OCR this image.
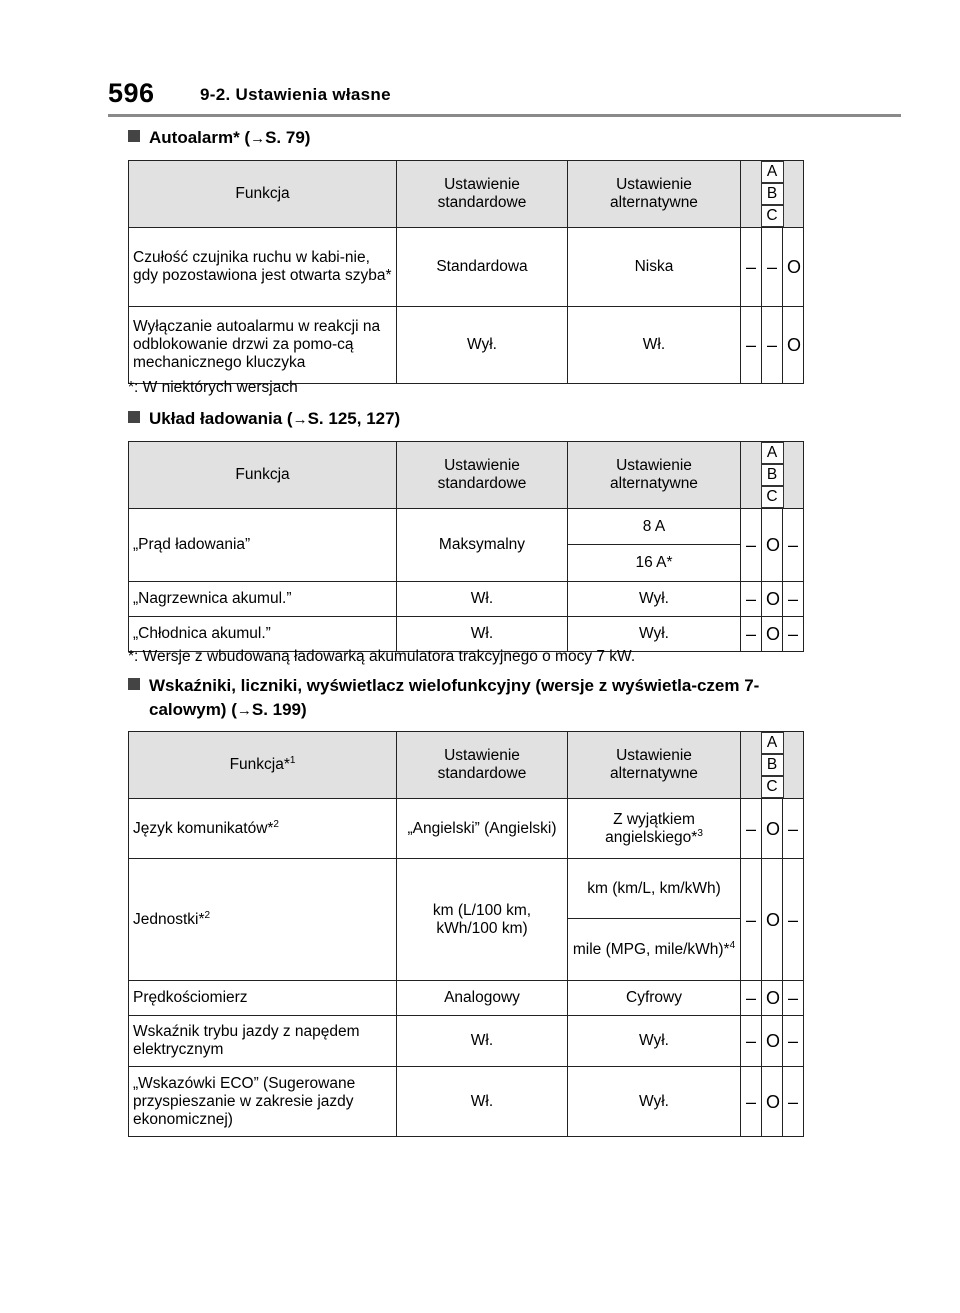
596	9-2. Ustawienia własne
Autoalarm* (→S. 79)
Funkcja	Ustawienie standardowe	Ustawienie alternatywne	A B C		
Czułość czujnika ruchu w kabi-nie, gdy pozostawiona jest otwarta szyba*	Standardowa	Niska	–	–	O
Wyłączanie autoalarmu w reakcji na odblokowanie drzwi za pomo-cą mechanicznego kluczyka	Wył.	Wł.	–	–	O
*: W niektórych wersjach
Układ ładowania (→S. 125, 127)
Funkcja	Ustawienie standardowe	Ustawienie alternatywne	A B C		
„Prąd ładowania”	Maksymalny	8 A	–	O	–
		16 A*			
„Nagrzewnica akumul.”	Wł.	Wył.	–	O	–
„Chłodnica akumul.”	Wł.	Wył.	–	O	–
*: Wersje z wbudowaną ładowarką akumulatora trakcyjnego o mocy 7 kW.
Wskaźniki, liczniki, wyświetlacz wielofunkcyjny (wersje z wyświetla-czem 7-calowym) (→S. 199)
Funkcja*$^1$	Ustawienie standardowe	Ustawienie alternatywne	A B C		
Język komunikatów*$^2$	„Angielski” (Angielski)	Z wyjątkiem angielskiego*$^3$	–	O	–
Jednostki*$^2$	km (L/100 km, kWh/100 km)	km (km/L, km/kWh)	–	O	–
		mile (MPG, mile/kWh)*$^4$
Prędkościomierz	Analogowy	Cyfrowy	–	O	–
Wskaźnik trybu jazdy z napędem elektrycznym	Wł.	Wył.	–	O	–
„Wskazówki ECO” (Sugerowane przyspieszanie w zakresie jazdy ekonomicznej)	Wł.	Wył.	–	O	–
